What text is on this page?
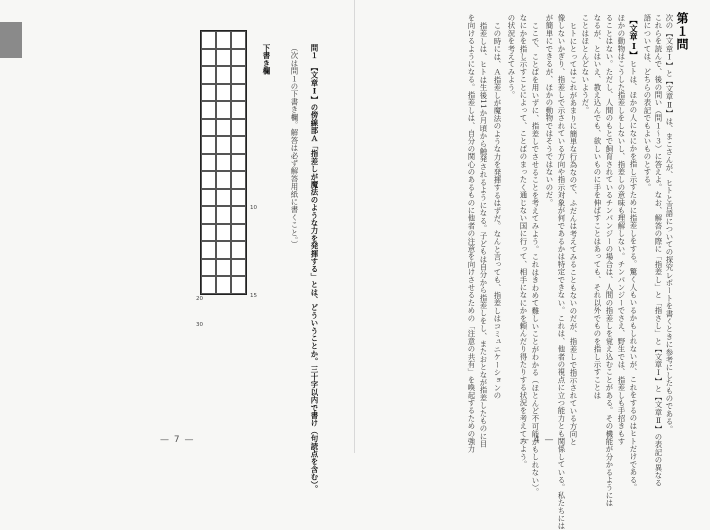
問１　【文章Ⅰ】の傍線部Ａ「指差しが魔法のような力を発揮する」とは、どういうことか。三十字以内で書け（句読点を含む）。
（次は問１の下書き欄。解答は必ず解答用紙に書くこと。）
下書き欄
10
15
20
30
— 7 —
第１問
次の【文章Ⅰ】と【文章Ⅱ】は、まこさんが、ヒトと言語についての探究レポートを書くときに参考にしたものである。
これらを読んで、後の問い（問１～３）に答えよ。なお、解答の際に「指差し」と「指さし」と【文章Ⅰ】と【文章Ⅱ】の表記の異なる
語については、どちらの表記でもよいものとする。
【文章Ⅰ】
ヒトは、ほかの人になにかを指し示すために指差しをする。驚く人もいるかもしれないが、これをするのはヒトだけである。
ほかの動物はこうした指差しをしないし、指差しの意味も理解しない。チンパンジーでさえ、野生では、指差しも手招きもす
ることはない。ただし、人間のもとで飼育されているチンパンジーの場合は、人間の指差しを覚え込むことがある。その機能が分かるようには
なるが、とはいえ、教え込んでも、欲しいものに手を伸ばすことはあっても、それ以外でものを指し示すことは
ことはほとんどないようだ。
ヒトにとってはこれがあまりに簡単な行為なので、ふだんは考えてみることもないのだが、指差しで指示されている方向と
像しないかぎり、指差しで示されている方向や指示対象が何であるかは特定できない。これは、他者の視点に立つ能力とも関係している。私たちには
が簡単にできるが、ほかの動物ではそうではないのだ。
ここで、ことばを用いずに、指差しでさせることを考えてみよう。これはきわめて難しいことがわかる（ほとんど不可能かもしれない）。
なにかを指し示すことによって、ことばのまったく通じない国に行って、相手になにかを頼んだり得たりする状況を考えてみよう。
の状況を考えてみよう。
この時には、Ａ指差しが魔法のような力を発揮するはずだ。なんと言っても、指差しはコミュニケーションの
指差しは、ヒトは生後11か月頃から触発されるようになる。子どもは自分から指差しをし、またおとなが指差したものに目
を向けるようになる。指差しは、自分の関心のあるものに他者の注意を向けさせるための「注意の共有」を喚起するための強力	— 4 —
